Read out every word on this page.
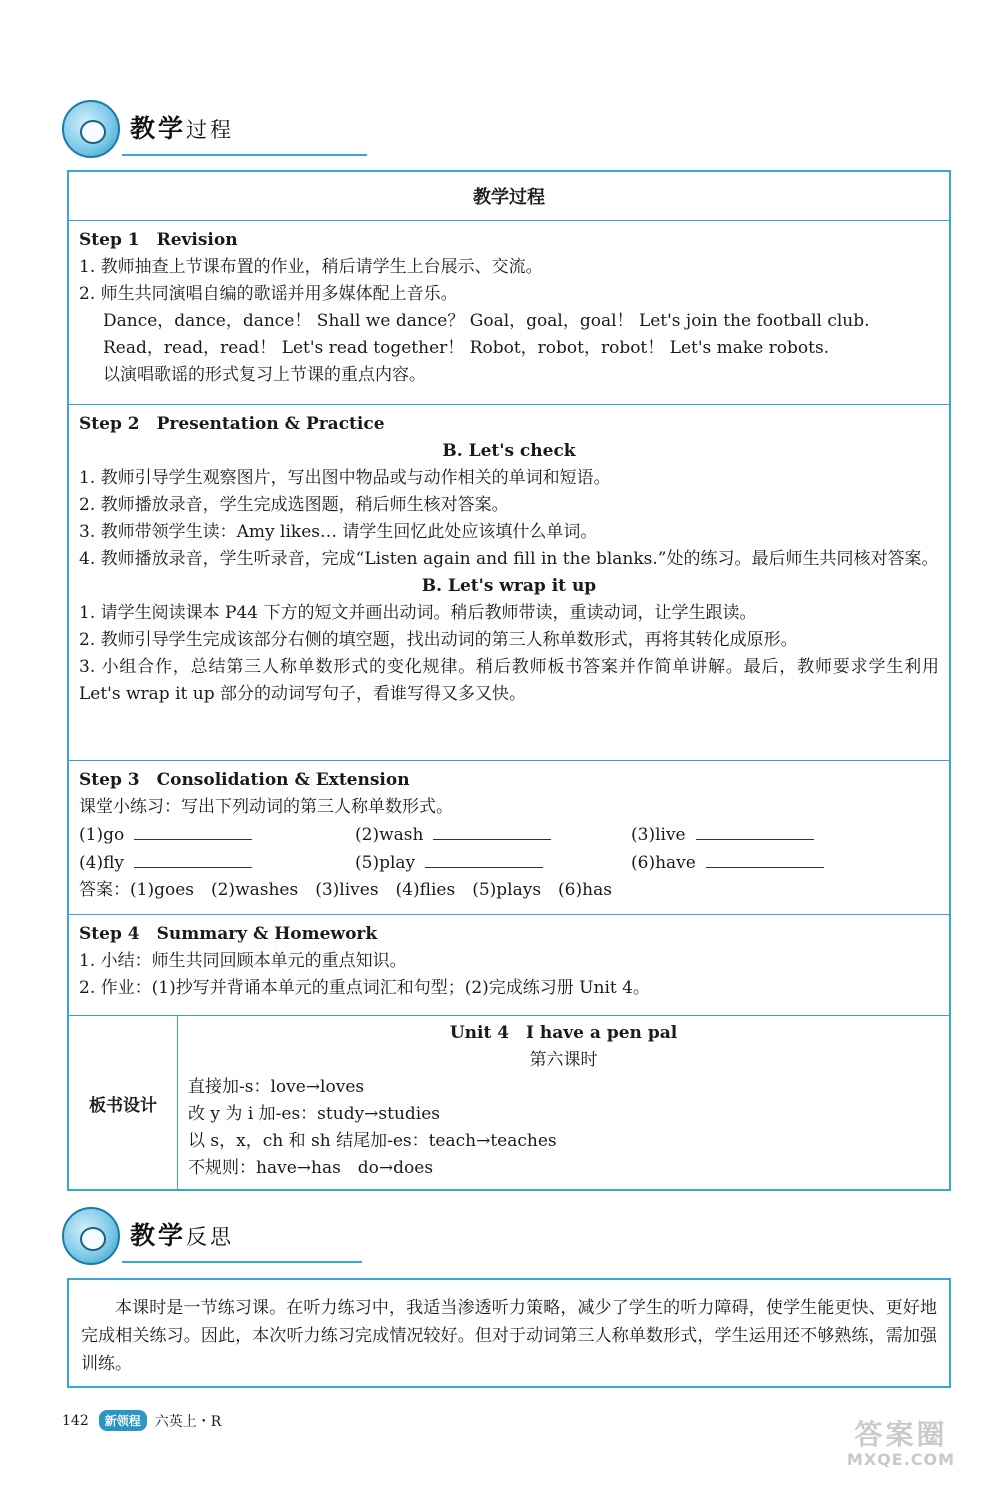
教学过程
教学过程
Step 1　Revision
1. 教师抽查上节课布置的作业，稍后请学生上台展示、交流。
2. 师生共同演唱自编的歌谣并用多媒体配上音乐。
Dance，dance，dance！ Shall we dance？ Goal，goal，goal！ Let's join the football club.
Read，read，read！ Let's read together！ Robot，robot，robot！ Let's make robots.
以演唱歌谣的形式复习上节课的重点内容。
Step 2　Presentation & Practice
B. Let's check
1. 教师引导学生观察图片，写出图中物品或与动作相关的单词和短语。
2. 教师播放录音，学生完成选图题，稍后师生核对答案。
3. 教师带领学生读：Amy likes… 请学生回忆此处应该填什么单词。
4. 教师播放录音，学生听录音，完成“Listen again and fill in the blanks.”处的练习。最后师生共同核对答案。
B. Let's wrap it up
1. 请学生阅读课本 P44 下方的短文并画出动词。稍后教师带读，重读动词，让学生跟读。
2. 教师引导学生完成该部分右侧的填空题，找出动词的第三人称单数形式，再将其转化成原形。
3. 小组合作，总结第三人称单数形式的变化规律。稍后教师板书答案并作简单讲解。最后，教师要求学生利用 Let's wrap it up 部分的动词写句子，看谁写得又多又快。
Step 3　Consolidation & Extension
课堂小练习：写出下列动词的第三人称单数形式。
(1)go	(2)wash	(3)live
(4)fly	(5)play	(6)have
答案：(1)goes　(2)washes　(3)lives　(4)flies　(5)plays　(6)has
Step 4　Summary & Homework
1. 小结：师生共同回顾本单元的重点知识。
2. 作业：(1)抄写并背诵本单元的重点词汇和句型；(2)完成练习册 Unit 4。
板书设计
Unit 4　I have a pen pal
第六课时
直接加-s：love→loves
改 y 为 i 加-es：study→studies
以 s，x，ch 和 sh 结尾加-es：teach→teaches
不规则：have→has　do→does
教学反思

本课时是一节练习课。在听力练习中，我适当渗透听力策略，减少了学生的听力障碍，使学生能更快、更好地完成相关练习。因此，本次听力练习完成情况较好。但对于动词第三人称单数形式，学生运用还不够熟练，需加强训练。

142	新领程	六英上・R	答案圈
MXQE.COM
